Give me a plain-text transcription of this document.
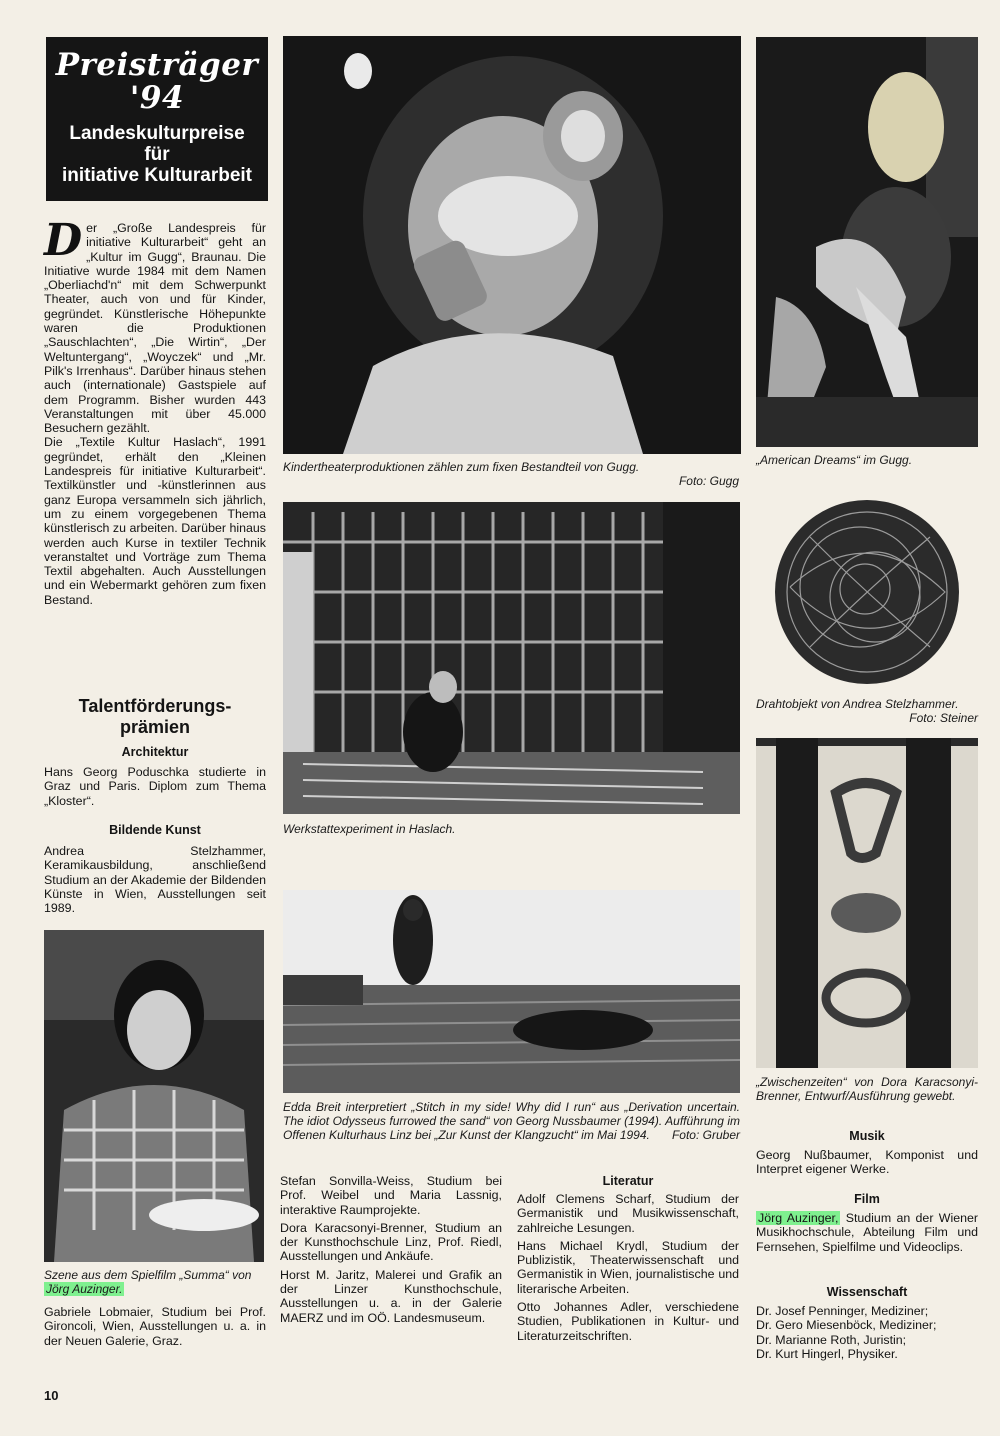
Preisträger
'94
Landeskulturpreise
für
initiative Kulturarbeit

Der „Große Landespreis für initiative Kulturarbeit“ geht an „Kultur im Gugg“, Braunau. Die Initiative wurde 1984 mit dem Namen „Oberliachd'n“ mit dem Schwerpunkt Theater, auch von und für Kinder, gegründet. Künstlerische Höhepunkte waren die Produktionen „Sauschlachten“, „Die Wirtin“, „Der Weltuntergang“, „Woyczek“ und „Mr. Pilk's Irrenhaus“. Darüber hinaus stehen auch (internationale) Gastspiele auf dem Programm. Bisher wurden 443 Veranstaltungen mit über 45.000 Besuchern gezählt.

Die „Textile Kultur Haslach“, 1991 gegründet, erhält den „Kleinen Landespreis für initiative Kulturarbeit“. Textilkünstler und -künstlerinnen aus ganz Europa versammeln sich jährlich, um zu einem vorgegebenen Thema künstlerisch zu arbeiten. Darüber hinaus werden auch Kurse in textiler Technik veranstaltet und Vorträge zum Thema Textil abgehalten. Auch Ausstellungen und ein Webermarkt gehören zum fixen Bestand.

Talentförderungs-
prämien
Architektur
Hans Georg Poduschka studierte in Graz und Paris. Diplom zum Thema „Kloster“.
Bildende Kunst
Andrea Stelzhammer, Keramikausbildung, anschließend Studium an der Akademie der Bildenden Künste in Wien, Ausstellungen seit 1989.
Kindertheaterproduktionen zählen zum fixen Bestandteil von Gugg.
Foto: Gugg
„American Dreams“ im Gugg.
Werkstattexperiment in Haslach.
Drahtobjekt von Andrea Stelzhammer.
Foto: Steiner
„Zwischenzeiten“ von Dora Karacsonyi-Brenner, Entwurf/Ausführung gewebt.
Edda Breit interpretiert „Stitch in my side! Why did I run“ aus „Derivation uncertain. The idiot Odysseus furrowed the sand“ von Georg Nussbaumer (1994). Aufführung im Offenen Kulturhaus Linz bei „Zur Kunst der Klangzucht“ im Mai 1994. Foto: Gruber
Szene aus dem Spielfilm „Summa“ von Jörg Auzinger.
Gabriele Lobmaier, Studium bei Prof. Gironcoli, Wien, Ausstellungen u. a. in der Neuen Galerie, Graz.

Stefan Sonvilla-Weiss, Studium bei Prof. Weibel und Maria Lassnig, interaktive Raumprojekte.

Dora Karacsonyi-Brenner, Studium an der Kunsthochschule Linz, Prof. Riedl, Ausstellungen und Ankäufe.

Horst M. Jaritz, Malerei und Grafik an der Linzer Kunsthochschule, Ausstellungen u. a. in der Galerie MAERZ und im OÖ. Landesmuseum.

Literatur

Adolf Clemens Scharf, Studium der Germanistik und Musikwissenschaft, zahlreiche Lesungen.

Hans Michael Krydl, Studium der Publizistik, Theaterwissenschaft und Germanistik in Wien, journalistische und literarische Arbeiten.

Otto Johannes Adler, verschiedene Studien, Publikationen in Kultur- und Literaturzeitschriften.

Musik
Georg Nußbaumer, Komponist und Interpret eigener Werke.
Film
Jörg Auzinger, Studium an der Wiener Musikhochschule, Abteilung Film und Fernsehen, Spielfilme und Videoclips.
Wissenschaft
Dr. Josef Penninger, Mediziner;
Dr. Gero Miesenböck, Mediziner;
Dr. Marianne Roth, Juristin;
Dr. Kurt Hingerl, Physiker.
10
